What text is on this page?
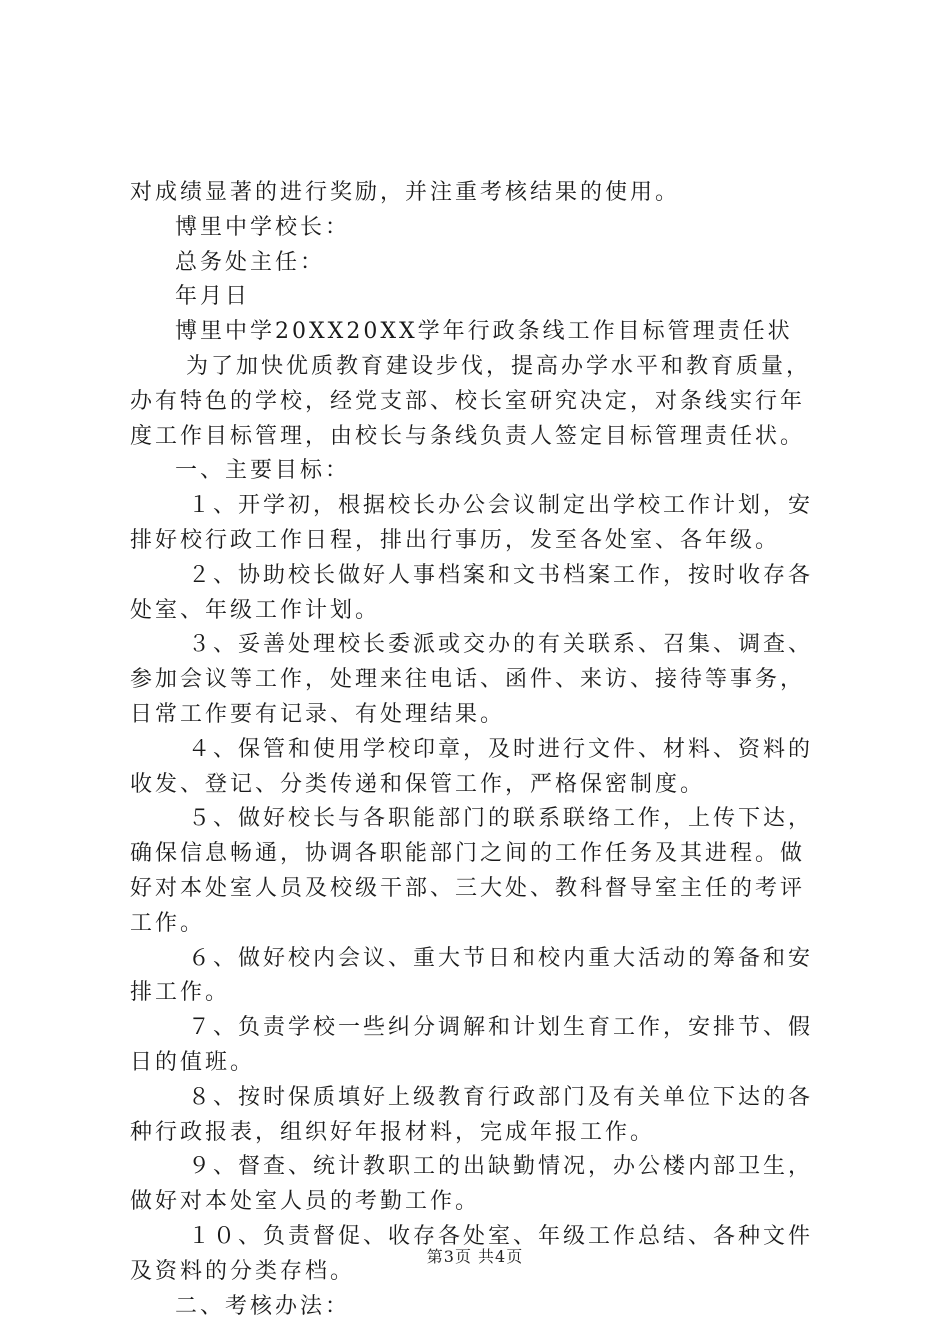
对成绩显著的进行奖励，并注重考核结果的使用。
博里中学校长：
总务处主任：
年月日
博里中学20XX20XX学年行政条线工作目标管理责任状
为了加快优质教育建设步伐，提高办学水平和教育质量，
办有特色的学校，经党支部、校长室研究决定，对条线实行年
度工作目标管理，由校长与条线负责人签定目标管理责任状。
一、主要目标：
１、开学初，根据校长办公会议制定出学校工作计划，安
排好校行政工作日程，排出行事历，发至各处室、各年级。
２、协助校长做好人事档案和文书档案工作，按时收存各
处室、年级工作计划。
３、妥善处理校长委派或交办的有关联系、召集、调查、
参加会议等工作，处理来往电话、函件、来访、接待等事务，
日常工作要有记录、有处理结果。
４、保管和使用学校印章，及时进行文件、材料、资料的
收发、登记、分类传递和保管工作，严格保密制度。
５、做好校长与各职能部门的联系联络工作，上传下达，
确保信息畅通，协调各职能部门之间的工作任务及其进程。做
好对本处室人员及校级干部、三大处、教科督导室主任的考评
工作。
６、做好校内会议、重大节日和校内重大活动的筹备和安
排工作。
７、负责学校一些纠分调解和计划生育工作，安排节、假
日的值班。
８、按时保质填好上级教育行政部门及有关单位下达的各
种行政报表，组织好年报材料，完成年报工作。
９、督查、统计教职工的出缺勤情况，办公楼内部卫生，
做好对本处室人员的考勤工作。
１０、负责督促、收存各处室、年级工作总结、各种文件
及资料的分类存档。
二、考核办法：
第3页 共4页
